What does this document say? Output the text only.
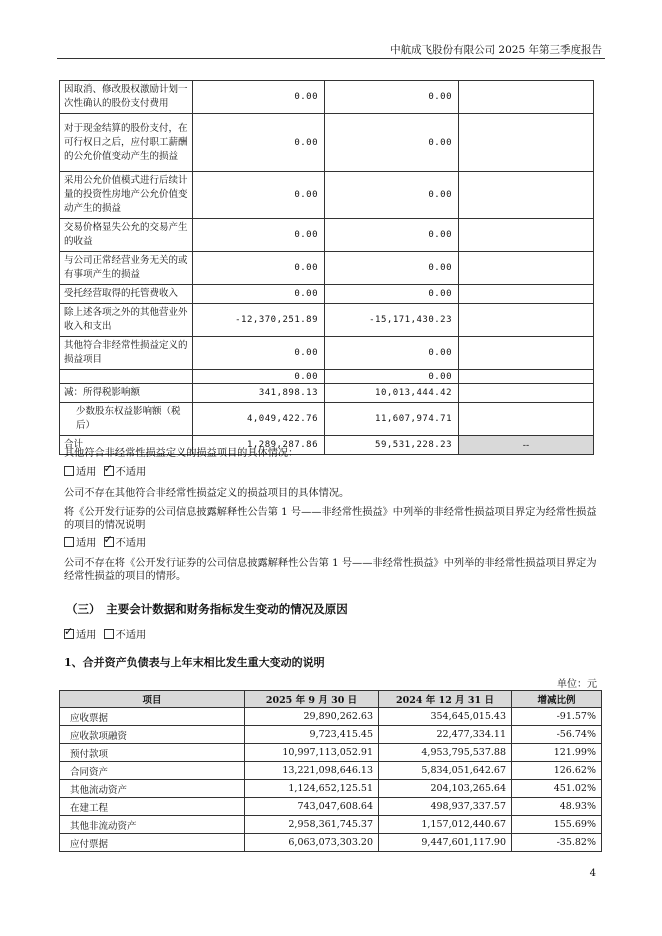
中航成飞股份有限公司 2025 年第三季度报告
因取消、修改股权激励计划一次性确认的股份支付费用	0.00	0.00	
对于现金结算的股份支付，在可行权日之后，应付职工薪酬的公允价值变动产生的损益	0.00	0.00	
采用公允价值模式进行后续计量的投资性房地产公允价值变动产生的损益	0.00	0.00	
交易价格显失公允的交易产生的收益	0.00	0.00	
与公司正常经营业务无关的或有事项产生的损益	0.00	0.00	
受托经营取得的托管费收入	0.00	0.00	
除上述各项之外的其他营业外收入和支出	-12,370,251.89	-15,171,430.23	
其他符合非经常性损益定义的损益项目	0.00	0.00	
	0.00	0.00	
减：所得税影响额	341,898.13	10,013,444.42	
少数股东权益影响额（税后）	4,049,422.76	11,607,974.71	
合计	1,289,287.86	59,531,228.23	--
其他符合非经常性损益定义的损益项目的具体情况：
适用 ✓ 不适用
公司不存在其他符合非经常性损益定义的损益项目的具体情况。
将《公开发行证券的公司信息披露解释性公告第 1 号——非经常性损益》中列举的非经常性损益项目界定为经常性损益
的项目的情况说明
适用 ✓ 不适用
公司不存在将《公开发行证券的公司信息披露解释性公告第 1 号——非经常性损益》中列举的非经常性损益项目界定为
经常性损益的项目的情形。
（三）　主要会计数据和财务指标发生变动的情况及原因
✓适用 不适用
1、合并资产负债表与上年末相比发生重大变动的说明
单位：元
项目	2025 年 9 月 30 日	2024 年 12 月 31 日	增减比例
应收票据	29,890,262.63	354,645,015.43	-91.57%
应收款项融资	9,723,415.45	22,477,334.11	-56.74%
预付款项	10,997,113,052.91	4,953,795,537.88	121.99%
合同资产	13,221,098,646.13	5,834,051,642.67	126.62%
其他流动资产	1,124,652,125.51	204,103,265.64	451.02%
在建工程	743,047,608.64	498,937,337.57	48.93%
其他非流动资产	2,958,361,745.37	1,157,012,440.67	155.69%
应付票据	6,063,073,303.20	9,447,601,117.90	-35.82%
4
